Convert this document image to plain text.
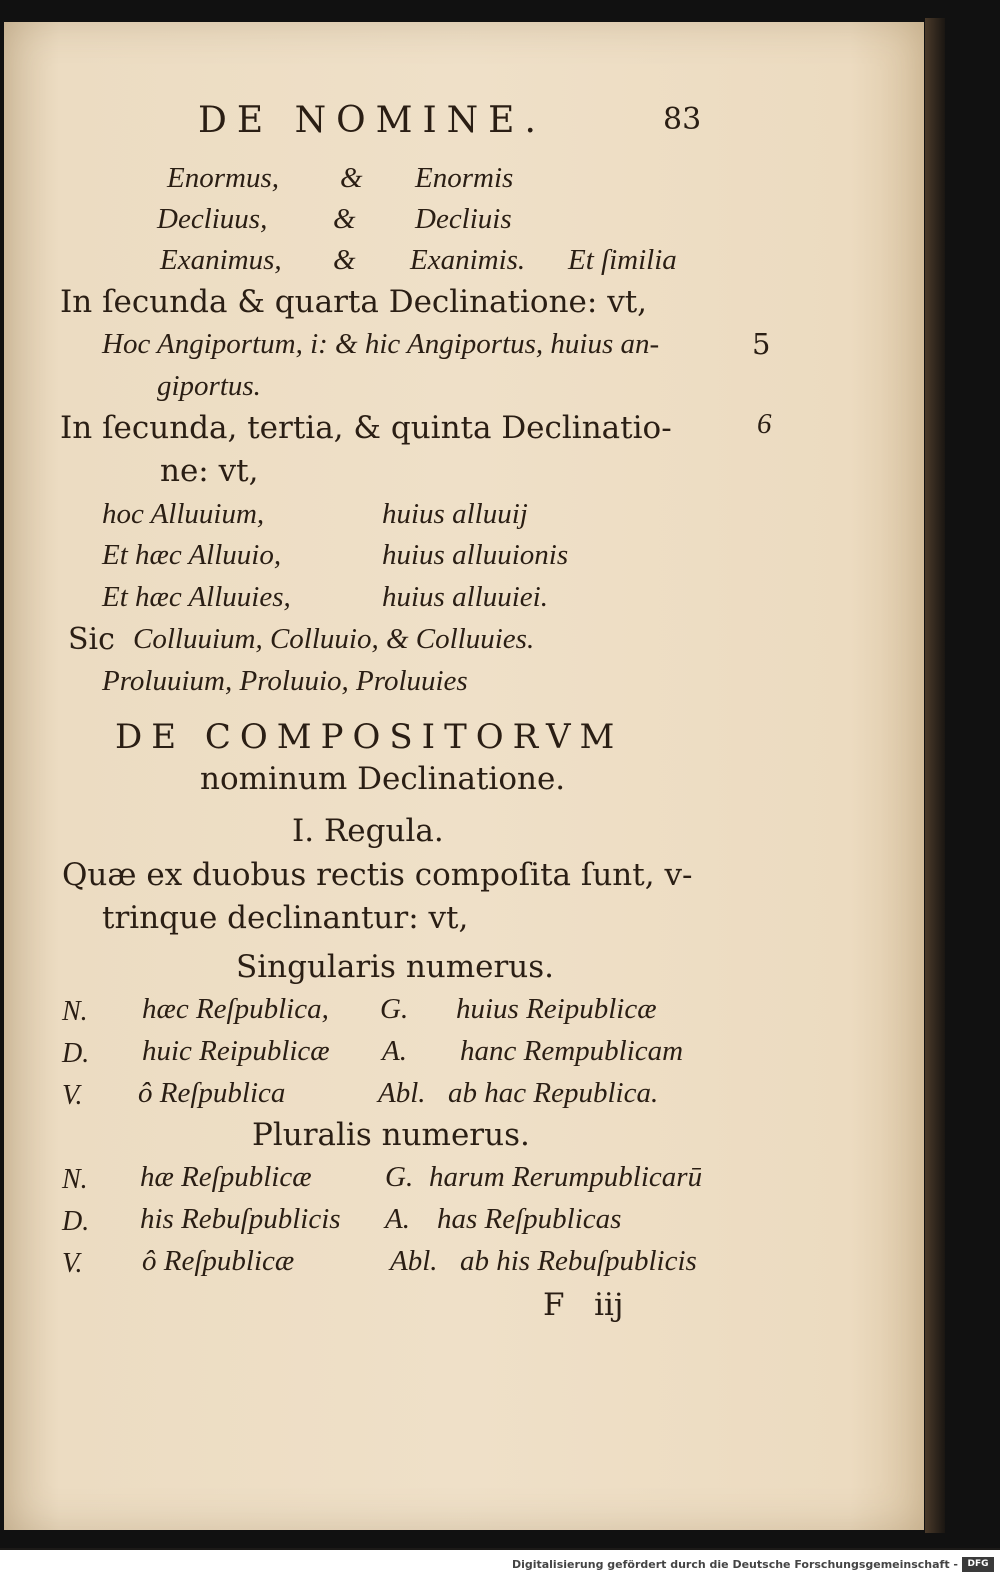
DE NOMINE.	83
Enormus, & Enormis
Decliuus, & Decliuis
Exanimus, & Exanimis. Et ſimilia
In ſecunda & quarta Declinatione: vt,
Hoc Angiportum, i: & hic Angiportus, huius an-	5
giportus.
In ſecunda, tertia, & quinta Declinatio-	6
ne: vt,
hoc Alluuium,	huius alluuij
Et hæc Alluuio,	huius alluuionis
Et hæc Alluuies,	huius alluuiei.
Sic Colluuium, Colluuio, & Colluuies.
Proluuium, Proluuio, Proluuies
DE COMPOSITORVM
nominum Declinatione.
I. Regula.
Quæ ex duobus rectis compoſita ſunt, v-
trinque declinantur: vt,
Singularis numerus.
N. hæc Reſpublica, G. huius Reipublicæ
D. huic Reipublicæ A. hanc Rempublicam
V. ô Reſpublica	Abl. ab hac Republica.
Pluralis numerus.
N. hæ Reſpublicæ	G. harum Rerumpublicarū
D. his Rebuſpublicis A. has Reſpublicas
V. ô Reſpublicæ	Abl. ab his Rebuſpublicis
F   iij
Digitalisierung gefördert durch die Deutsche Forschungsgemeinschaft -	DFG
